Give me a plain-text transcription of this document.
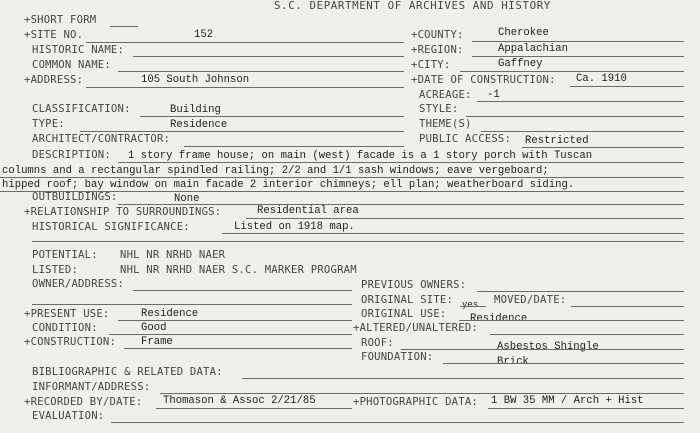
S.C. DEPARTMENT OF ARCHIVES AND HISTORY
+SHORT FORM
+SITE NO.	152	+COUNTY:	Cherokee
HISTORIC NAME:	+REGION:	Appalachian
COMMON NAME:	+CITY:	Gaffney
+ADDRESS:	105 South Johnson	+DATE OF CONSTRUCTION: Ca. 1910
ACREAGE: -1
CLASSIFICATION:	Building	STYLE:
TYPE:	Residence	THEME(S)
ARCHITECT/CONTRACTOR:	PUBLIC ACCESS: Restricted
DESCRIPTION: 1 story frame house; on main (west) facade is a 1 story porch with Tuscan
columns and a rectangular spindled railing; 2/2 and 1/1 sash windows; eave vergeboard;
hipped roof; bay window on main facade 2 interior chimneys; ell plan; weatherboard siding.
OUTBUILDINGS:	None
+RELATIONSHIP TO SURROUNDINGS:	Residential area
HISTORICAL SIGNIFICANCE:	Listed on 1918 map.
POTENTIAL: NHL NR NRHD NAER
LISTED:	NHL NR NRHD NAER S.C. MARKER PROGRAM
OWNER/ADDRESS:	PREVIOUS OWNERS:
ORIGINAL SITE: yes MOVED/DATE:
+PRESENT USE:	Residence	ORIGINAL USE: Residence
CONDITION:	Good	+ALTERED/UNALTERED:
+CONSTRUCTION: Frame	ROOF:	Asbestos Shingle
FOUNDATION:	Brick
BIBLIOGRAPHIC & RELATED DATA:
INFORMANT/ADDRESS:
+RECORDED BY/DATE: Thomason & Assoc 2/21/85	+PHOTOGRAPHIC DATA: 1 BW 35 MM / Arch + Hist
EVALUATION:
